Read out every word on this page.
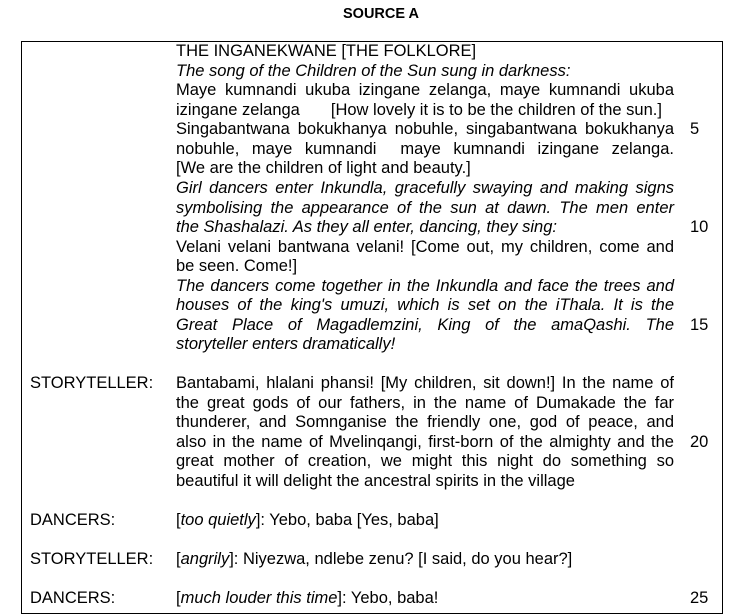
SOURCE A
THE INGANEKWANE [THE FOLKLORE]
The song of the Children of the Sun sung in darkness:
Maye kumnandi ukuba izingane zelanga, maye kumnandi ukuba
izingane zelanga [How lovely it is to be the children of the sun.]
Singabantwana bokukhanya nobuhle, singabantwana bokukhanya 5
nobuhle, maye kumnandi maye kumnandi izingane zelanga.
[We are the children of light and beauty.]
Girl dancers enter Inkundla, gracefully swaying and making signs
symbolising the appearance of the sun at dawn. The men enter
the Shashalazi. As they all enter, dancing, they sing:	10
Velani velani bantwana velani! [Come out, my children, come and
be seen. Come!]
The dancers come together in the Inkundla and face the trees and
houses of the king's umuzi, which is set on the iThala. It is the
Great Place of Magadlemzini, King of the amaQashi. The 15
storyteller enters dramatically!
STORYTELLER: Bantabami, hlalani phansi! [My children, sit down!] In the name of
the great gods of our fathers, in the name of Dumakade the far
thunderer, and Somnganise the friendly one, god of peace, and
also in the name of Mvelinqangi, first-born of the almighty and the 20
great mother of creation, we might this night do something so
beautiful it will delight the ancestral spirits in the village
DANCERS:	[too quietly]: Yebo, baba [Yes, baba]
STORYTELLER: [angrily]: Niyezwa, ndlebe zenu? [I said, do you hear?]
DANCERS:	[much louder this time]: Yebo, baba!	25
